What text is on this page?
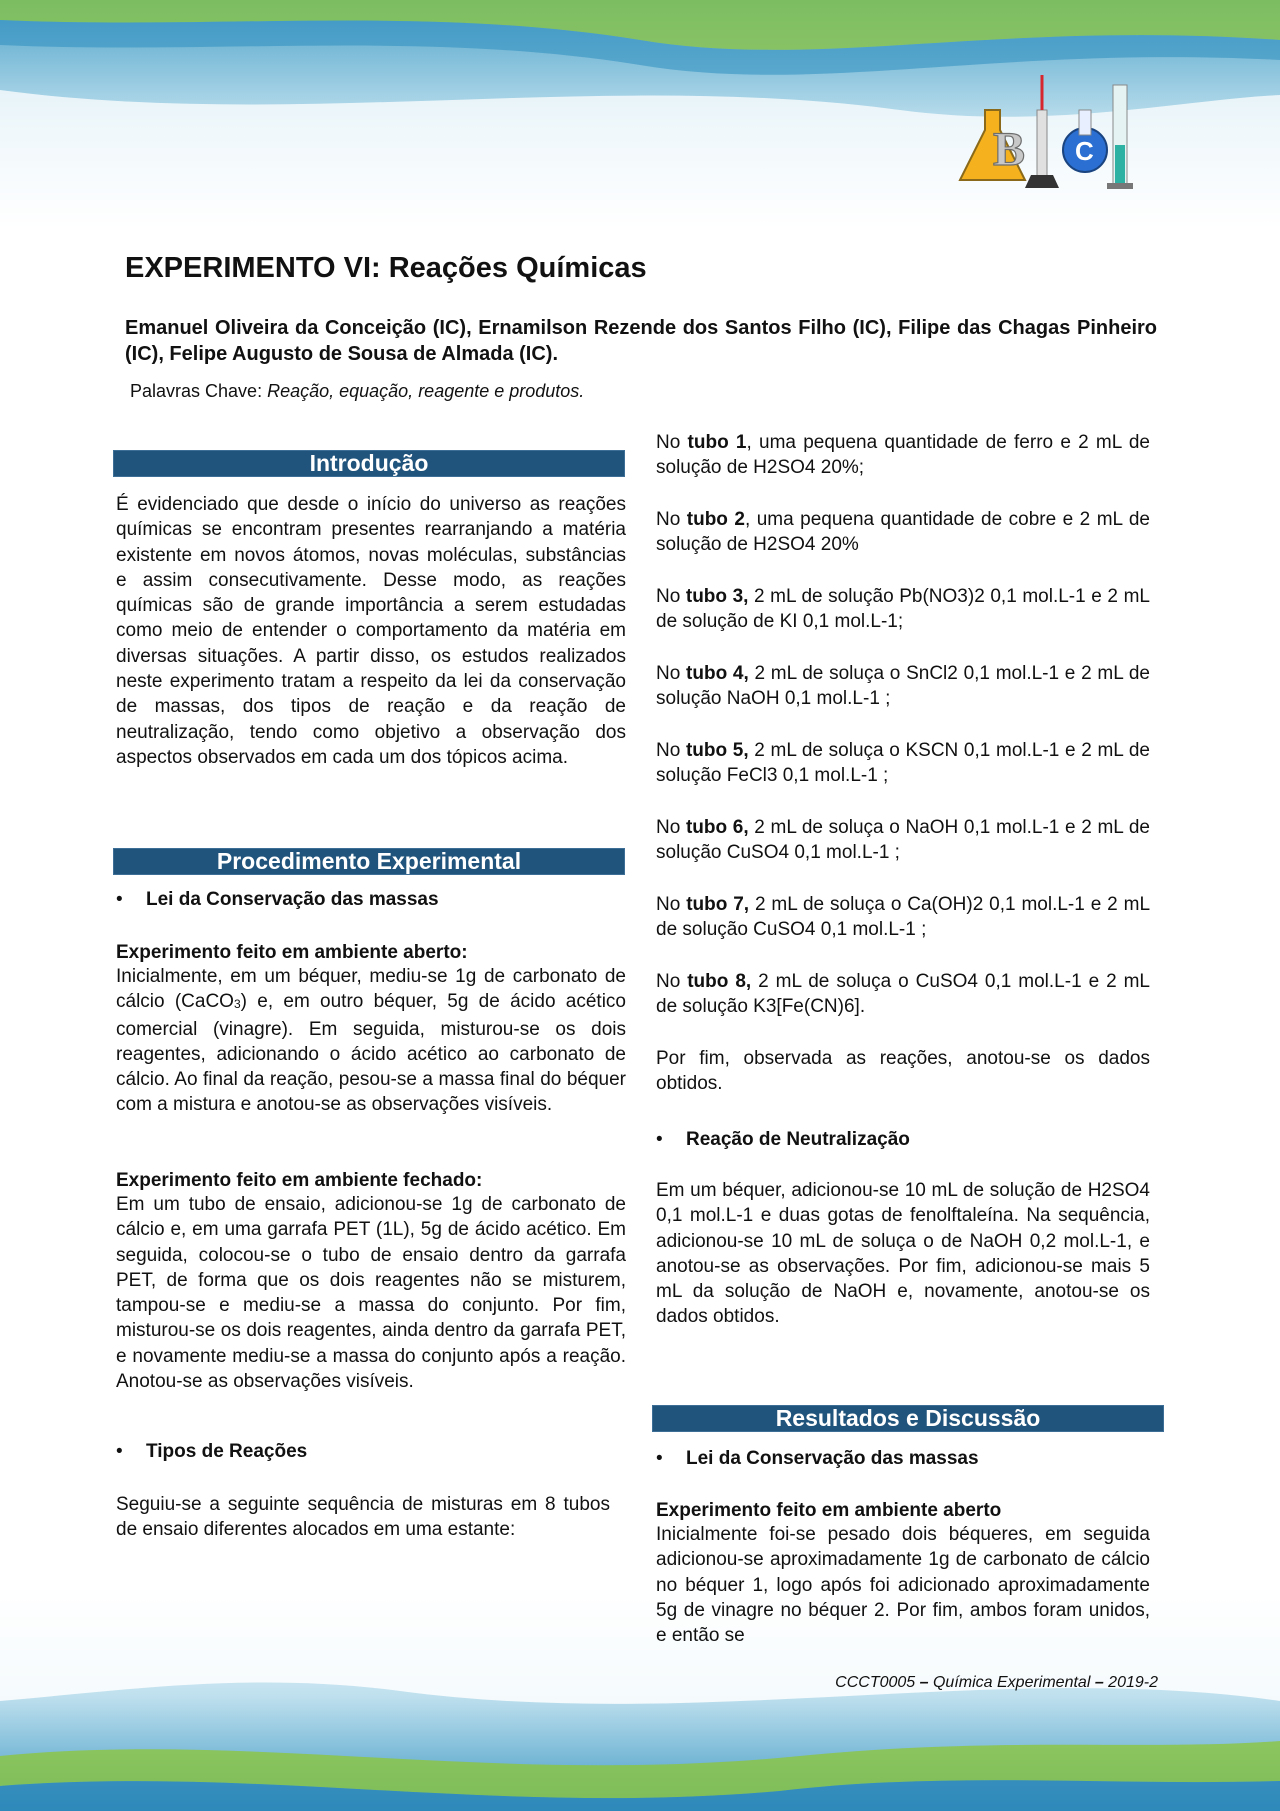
B C
EXPERIMENTO VI: Reações Químicas

Emanuel Oliveira da Conceição (IC), Ernamilson Rezende dos Santos Filho (IC), Filipe das Chagas Pinheiro (IC), Felipe Augusto de Sousa de Almada (IC).

Palavras Chave: Reação, equação, reagente e produtos.

Introdução

É evidenciado que desde o início do universo as reações químicas se encontram presentes rearranjando a matéria existente em novos átomos, novas moléculas, substâncias e assim consecutivamente. Desse modo, as reações químicas são de grande importância a serem estudadas como meio de entender o comportamento da matéria em diversas situações. A partir disso, os estudos realizados neste experimento tratam a respeito da lei da conservação de massas, dos tipos de reação e da reação de neutralização, tendo como objetivo a observação dos aspectos observados em cada um dos tópicos acima.

Procedimento Experimental

• Lei da Conservação das massas

Experimento feito em ambiente aberto:

Inicialmente, em um béquer, mediu-se 1g de carbonato de cálcio (CaCO3) e, em outro béquer, 5g de ácido acético comercial (vinagre). Em seguida, misturou-se os dois reagentes, adicionando o ácido acético ao carbonato de cálcio. Ao final da reação, pesou-se a massa final do béquer com a mistura e anotou-se as observações visíveis.

Experimento feito em ambiente fechado:

Em um tubo de ensaio, adicionou-se 1g de carbonato de cálcio e, em uma garrafa PET (1L), 5g de ácido acético. Em seguida, colocou-se o tubo de ensaio dentro da garrafa PET, de forma que os dois reagentes não se misturem, tampou-se e mediu-se a massa do conjunto. Por fim, misturou-se os dois reagentes, ainda dentro da garrafa PET, e novamente mediu-se a massa do conjunto após a reação. Anotou-se as observações visíveis.

• Tipos de Reações

Seguiu-se a seguinte sequência de misturas em 8 tubos de ensaio diferentes alocados em uma estante:

No tubo 1, uma pequena quantidade de ferro e 2 mL de solução de H2SO4 20%;

No tubo 2, uma pequena quantidade de cobre e 2 mL de solução de H2SO4 20%

No tubo 3, 2 mL de solução Pb(NO3)2 0,1 mol.L-1 e 2 mL de solução de KI 0,1 mol.L-1;

No tubo 4, 2 mL de soluça o SnCl2 0,1 mol.L-1 e 2 mL de solução NaOH 0,1 mol.L-1 ;

No tubo 5, 2 mL de soluça o KSCN 0,1 mol.L-1 e 2 mL de solução FeCl3 0,1 mol.L-1 ;

No tubo 6, 2 mL de soluça o NaOH 0,1 mol.L-1 e 2 mL de solução CuSO4 0,1 mol.L-1 ;

No tubo 7, 2 mL de soluça o Ca(OH)2 0,1 mol.L-1 e 2 mL de solução CuSO4 0,1 mol.L-1 ;

No tubo 8, 2 mL de soluça o CuSO4 0,1 mol.L-1 e 2 mL de solução K3[Fe(CN)6].

Por fim, observada as reações, anotou-se os dados obtidos.

• Reação de Neutralização

Em um béquer, adicionou-se 10 mL de solução de H2SO4 0,1 mol.L-1 e duas gotas de fenolftaleína. Na sequência, adicionou-se 10 mL de soluça o de NaOH 0,2 mol.L-1, e anotou-se as observações. Por fim, adicionou-se mais 5 mL da solução de NaOH e, novamente, anotou-se os dados obtidos.

Resultados e Discussão

• Lei da Conservação das massas

Experimento feito em ambiente aberto

Inicialmente foi-se pesado dois béqueres, em seguida adicionou-se aproximadamente 1g de carbonato de cálcio no béquer 1, logo após foi adicionado aproximadamente 5g de vinagre no béquer 2. Por fim, ambos foram unidos, e então se

CCCT0005 – Química Experimental – 2019-2
